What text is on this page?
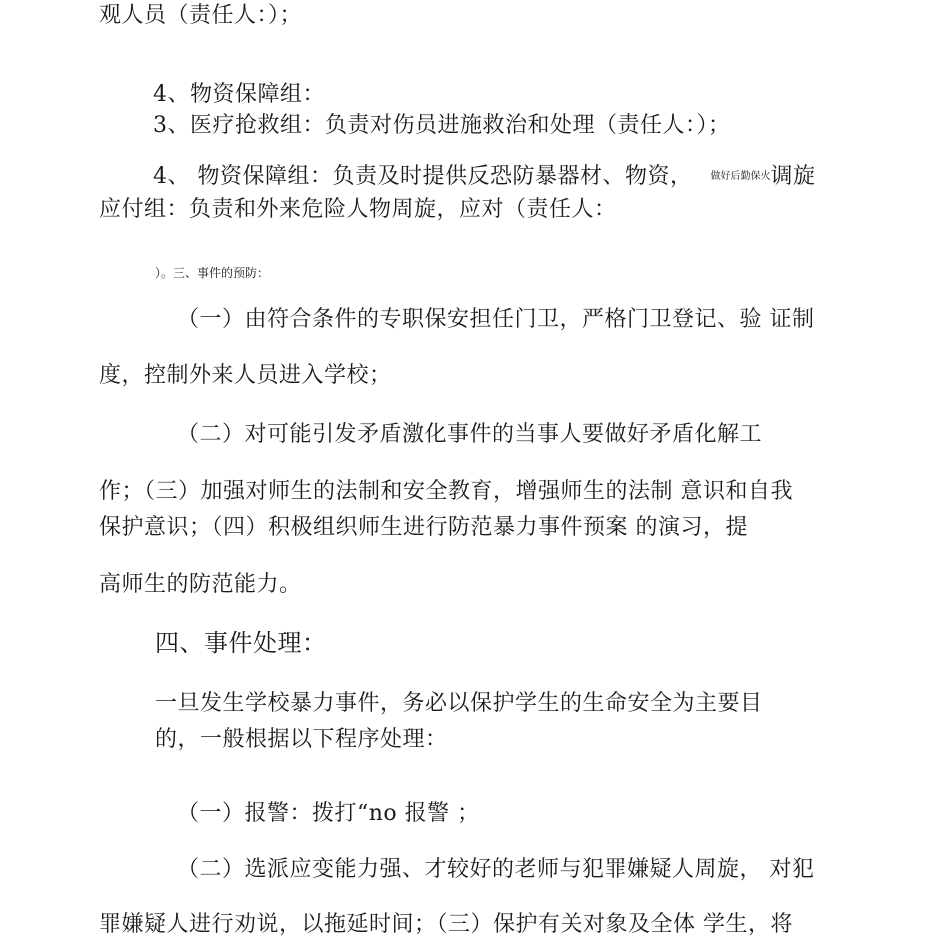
观人员（责任人：）；
4、物资保障组：
3、医疗抢救组：负责对伤员进施救治和处理（责任人：）；
4、 物资保障组：负责及时提供反恐防暴器材、物资， 做好后勤保火调旋
应付组：负责和外来危险人物周旋，应对（责任人：
）。三、事件的预防：
（一）由符合条件的专职保安担任门卫，严格门卫登记、验 证制
度，控制外来人员进入学校；
（二）对可能引发矛盾激化事件的当事人要做好矛盾化解工
作；（三）加强对师生的法制和安全教育，增强师生的法制 意识和自我
保护意识；（四）积极组织师生进行防范暴力事件预案 的演习，提
高师生的防范能力。
四、事件处理：
一旦发生学校暴力事件，务必以保护学生的生命安全为主要目
的，一般根据以下程序处理：
（一）报警：拨打“no 报警 ；
（二）选派应变能力强、才较好的老师与犯罪嫌疑人周旋， 对犯
罪嫌疑人进行劝说，以拖延时间；（三）保护有关对象及全体 学生，将
